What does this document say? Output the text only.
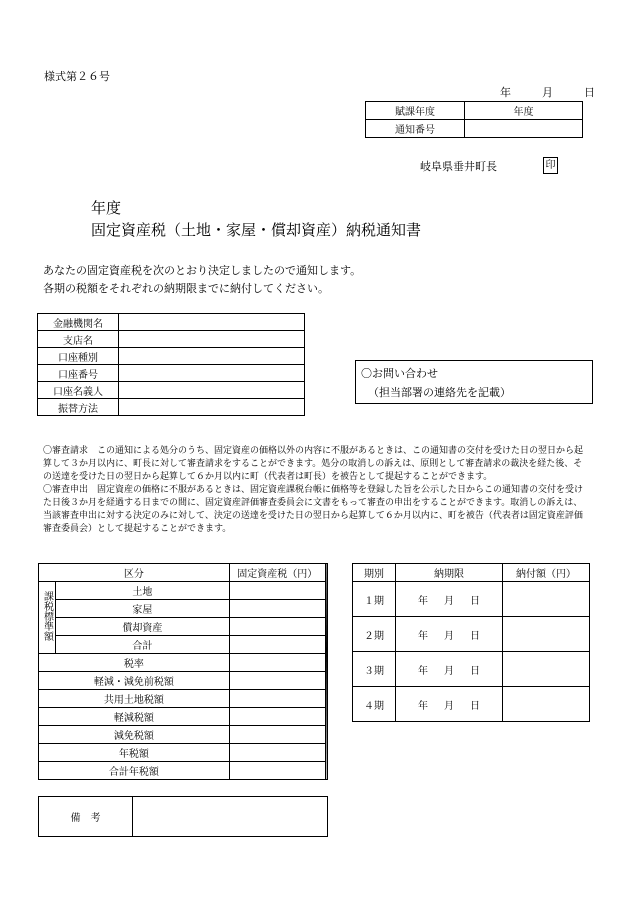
様式第２６号
年	月	日
賦課年度	年度
通知番号	
岐阜県垂井町長	印
年度
固定資産税（土地・家屋・償却資産）納税通知書
あなたの固定資産税を次のとおり決定しましたので通知します。
各期の税額をそれぞれの納期限までに納付してください。
金融機関名	
支店名	
口座種別	
口座番号	
口座名義人	
振替方法	
〇お問い合わせ
（担当部署の連絡先を記載）
〇審査請求　この通知による処分のうち、固定資産の価格以外の内容に不服があるときは、この通知書の交付を受けた日の翌日から起算して３か月以内に、町長に対して審査請求をすることができます。処分の取消しの訴えは、原則として審査請求の裁決を経た後、その送達を受けた日の翌日から起算して６か月以内に町（代表者は町長）を被告として提起することができます。
〇審査申出　固定資産の価格に不服があるときは、固定資産課税台帳に価格等を登録した旨を公示した日からこの通知書の交付を受けた日後３か月を経過する日までの間に、固定資産評価審査委員会に文書をもって審査の申出をすることができます。取消しの訴えは、当該審査申出に対する決定のみに対して、決定の送達を受けた日の翌日から起算して６か月以内に、町を被告（代表者は固定資産評価審査委員会）として提起することができます。
区分		固定資産税（円）	

課税標準額	土地		
	家屋		
	償却資産		
	合計		
税率			
軽減・減免前税額			
共用土地税額			
軽減税額			
減免税額			
年税額			
合計年税額			
期別	納期限	納付額（円）
１期	年 月 日	
２期	年 月 日	
３期	年 月 日	
４期	年 月 日	
備　考	
